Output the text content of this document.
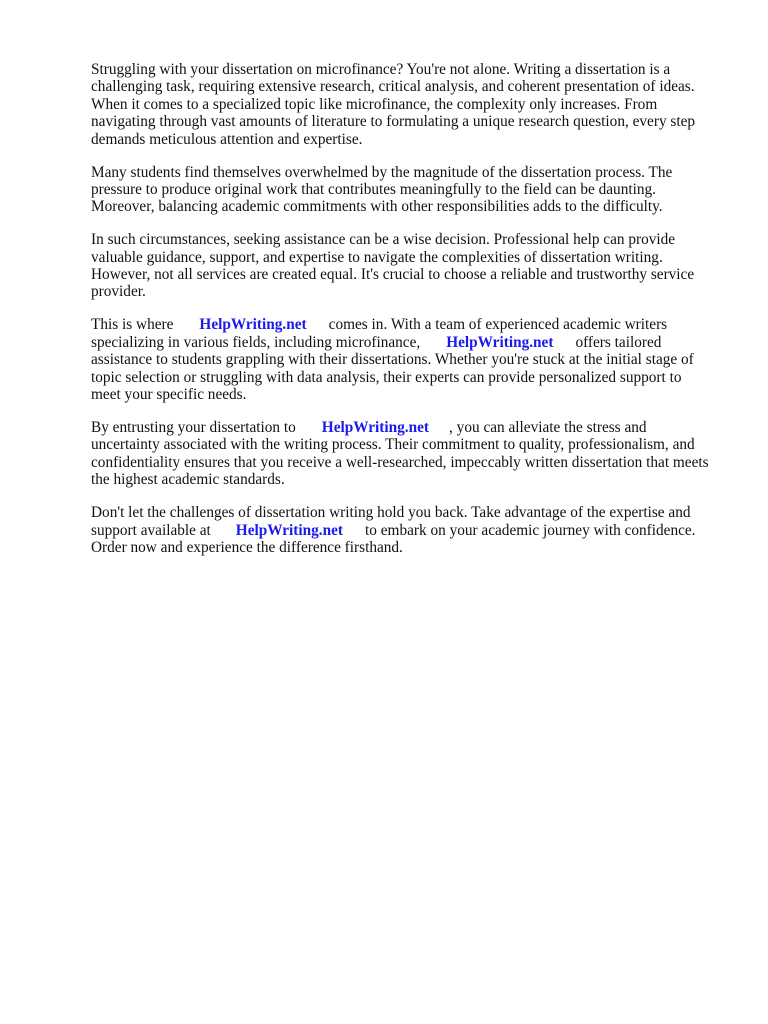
Struggling with your dissertation on microfinance? You're not alone. Writing a dissertation is a
challenging task, requiring extensive research, critical analysis, and coherent presentation of ideas.
When it comes to a specialized topic like microfinance, the complexity only increases. From
navigating through vast amounts of literature to formulating a unique research question, every step
demands meticulous attention and expertise.
Many students find themselves overwhelmed by the magnitude of the dissertation process. The
pressure to produce original work that contributes meaningfully to the field can be daunting.
Moreover, balancing academic commitments with other responsibilities adds to the difficulty.
In such circumstances, seeking assistance can be a wise decision. Professional help can provide
valuable guidance, support, and expertise to navigate the complexities of dissertation writing.
However, not all services are created equal. It's crucial to choose a reliable and trustworthy service
provider.
This is where HelpWriting.net comes in. With a team of experienced academic writers
specializing in various fields, including microfinance, HelpWriting.net offers tailored
assistance to students grappling with their dissertations. Whether you're stuck at the initial stage of
topic selection or struggling with data analysis, their experts can provide personalized support to
meet your specific needs.
By entrusting your dissertation to HelpWriting.net , you can alleviate the stress and
uncertainty associated with the writing process. Their commitment to quality, professionalism, and
confidentiality ensures that you receive a well-researched, impeccably written dissertation that meets
the highest academic standards.
Don't let the challenges of dissertation writing hold you back. Take advantage of the expertise and
support available at HelpWriting.net to embark on your academic journey with confidence.
Order now and experience the difference firsthand.
